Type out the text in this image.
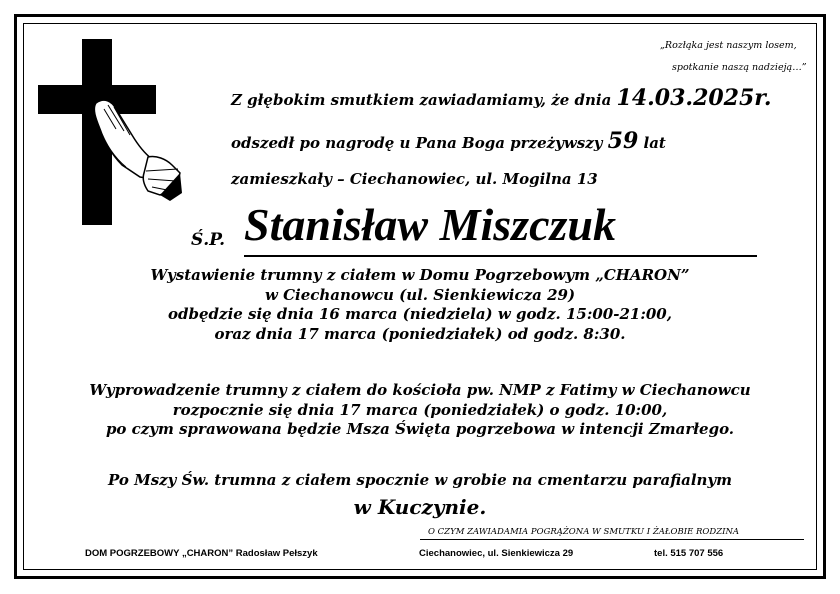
„Rozłąka jest naszym losem,
spotkanie naszą nadzieją…”
Z głębokim smutkiem zawiadamiamy, że dnia 14.03.2025r.
odszedł po nagrodę u Pana Boga przeżywszy 59 lat
zamieszkały – Ciechanowiec, ul. Mogilna 13
Ś.P. Stanisław Miszczuk
Wystawienie trumny z ciałem w Domu Pogrzebowym „CHARON”
w Ciechanowcu (ul. Sienkiewicza 29)
odbędzie się dnia 16 marca (niedziela) w godz. 15:00-21:00,
oraz dnia 17 marca (poniedziałek) od godz. 8:30.
Wyprowadzenie trumny z ciałem do kościoła pw. NMP z Fatimy w Ciechanowcu
rozpocznie się dnia 17 marca (poniedziałek) o godz. 10:00,
po czym sprawowana będzie Msza Święta pogrzebowa w intencji Zmarłego.
Po Mszy Św. trumna z ciałem spocznie w grobie na cmentarzu parafialnym
w Kuczynie.
O CZYM ZAWIADAMIA POGRĄŻONA W SMUTKU I ŻAŁOBIE RODZINA
DOM POGRZEBOWY „CHARON” Radosław Pełszyk	Ciechanowiec, ul. Sienkiewicza 29	tel. 515 707 556
